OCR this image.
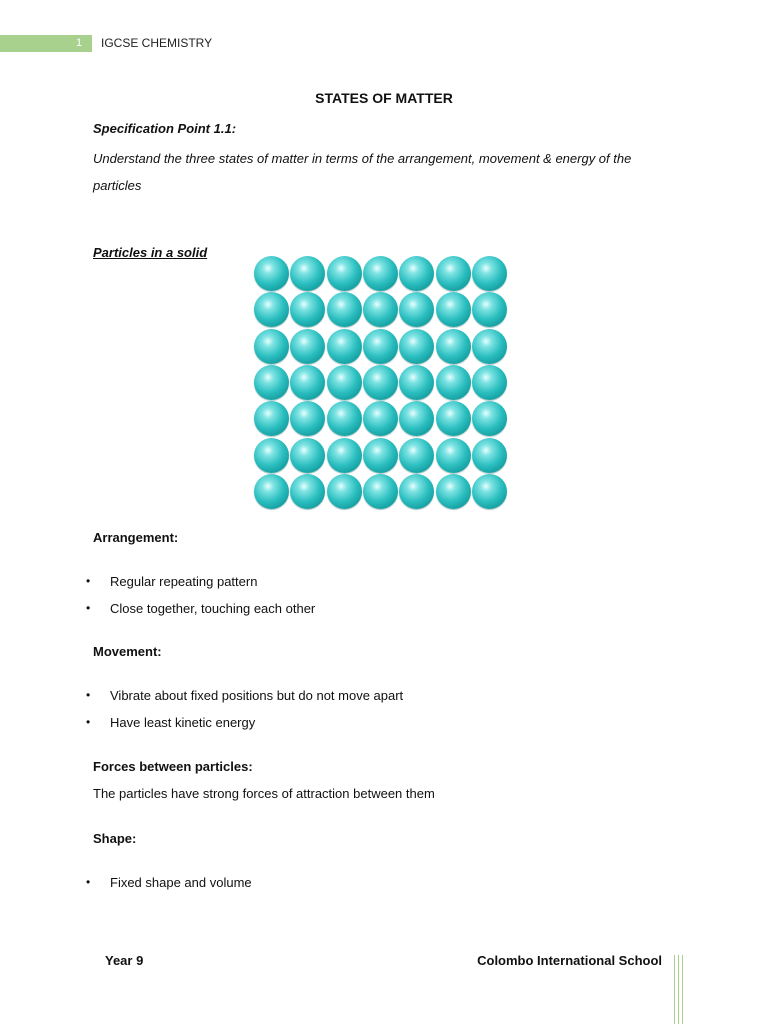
1	IGCSE CHEMISTRY
STATES OF MATTER
Specification Point 1.1:
Understand the three states of matter in terms of the arrangement, movement & energy of the particles
Particles in a solid
Arrangement:
• Regular repeating pattern
• Close together, touching each other
Movement:
• Vibrate about fixed positions but do not move apart
• Have least kinetic energy
Forces between particles:
The particles have strong forces of attraction between them
Shape:
• Fixed shape and volume
Year 9	Colombo International School
